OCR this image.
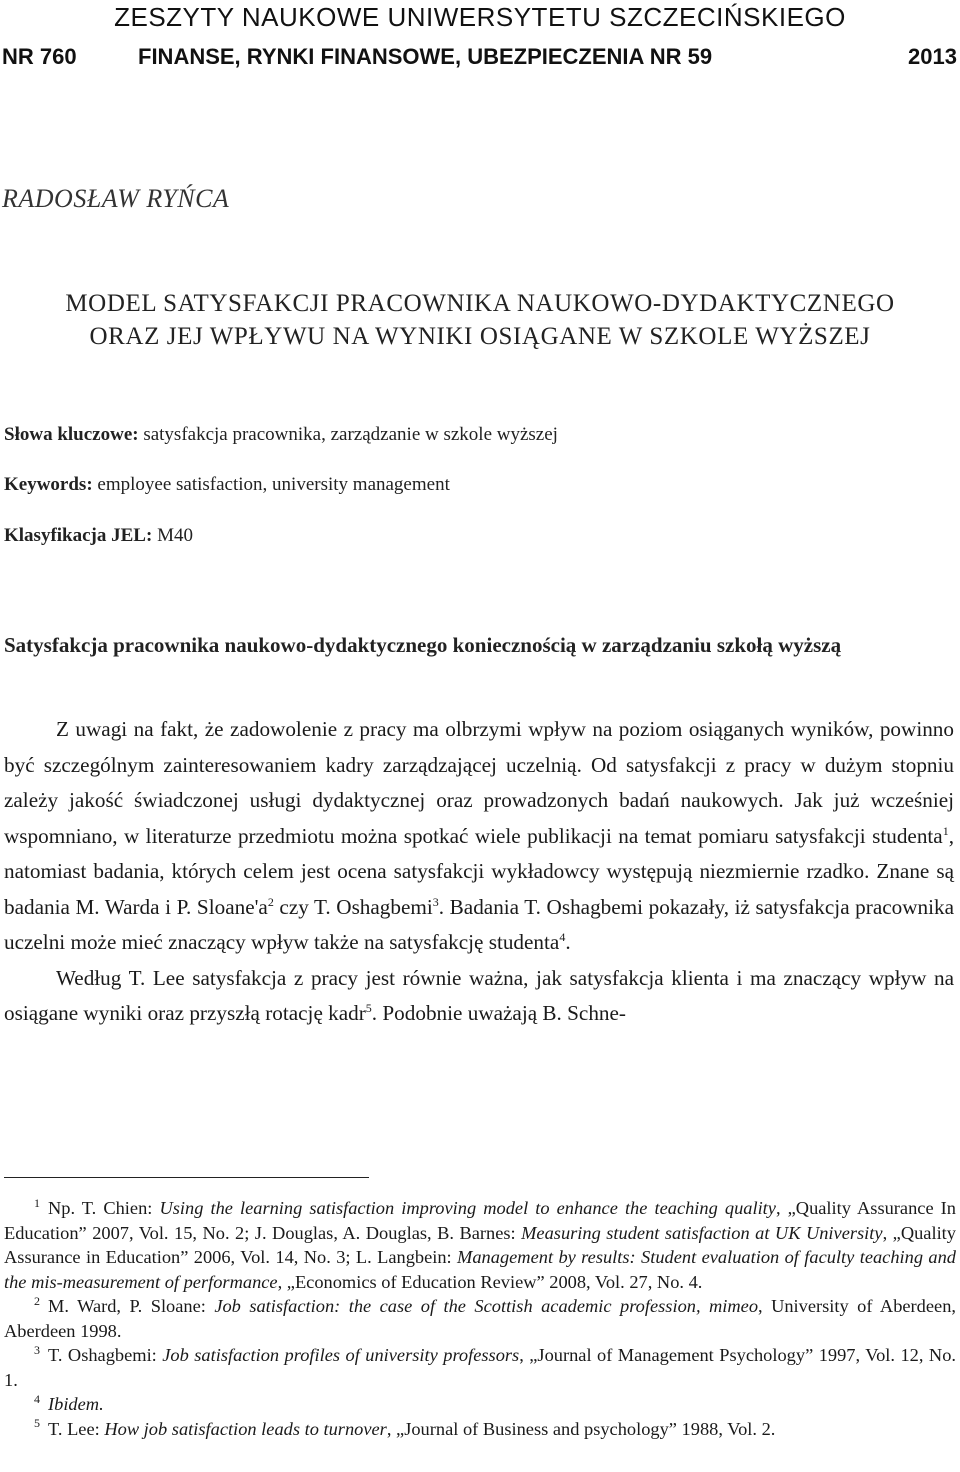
ZESZYTY NAUKOWE UNIWERSYTETU SZCZECIŃSKIEGO
NR 760	FINANSE, RYNKI FINANSOWE, UBEZPIECZENIA NR 59	2013
RADOSŁAW RYŃCA
MODEL SATYSFAKCJI PRACOWNIKA NAUKOWO-DYDAKTYCZNEGO
ORAZ JEJ WPŁYWU NA WYNIKI OSIĄGANE W SZKOLE WYŻSZEJ
Słowa kluczowe: satysfakcja pracownika, zarządzanie w szkole wyższej
Keywords: employee satisfaction, university management
Klasyfikacja JEL: M40
Satysfakcja pracownika naukowo-dydaktycznego koniecznością w zarządzaniu szkołą wyższą

Z uwagi na fakt, że zadowolenie z pracy ma olbrzymi wpływ na poziom osiąganych wyników, powinno być szczególnym zainteresowaniem kadry zarządzającej uczelnią. Od satysfakcji z pracy w dużym stopniu zależy jakość świadczonej usługi dydaktycznej oraz prowadzonych badań naukowych. Jak już wcześniej wspomniano, w literaturze przedmiotu można spotkać wiele publikacji na temat pomiaru satysfakcji studenta$^1$, natomiast badania, których celem jest ocena satysfakcji wykładowcy występują niezmiernie rzadko. Znane są badania M. Warda i P. $Sloane'a^2$ czy T. Oshagbemi$^3$. Badania T. Oshagbemi pokazały, iż satysfakcja pracownika uczelni może mieć znaczący wpływ także na satysfakcję studenta$^4$.

Według T. Lee satysfakcja z pracy jest równie ważna, jak satysfakcja klienta i ma znaczący wpływ na osiągane wyniki oraz przyszłą rotację kadr$^5$. Podobnie uważają B. Schne-

$^1$ Np. T. Chien: Using the learning satisfaction improving model to enhance the teaching quality, „Quality Assurance In Education” 2007, Vol. 15, No. 2; J. Douglas, A. Douglas, B. Barnes: Measuring student satisfaction at UK University, „Quality Assurance in Education” 2006, Vol. 14, No. 3; L. Langbein: Management by results: Student evaluation of faculty teaching and the mis-measurement of performance, „Economics of Education Review” 2008, Vol. 27, No. 4.

$^2$ M. Ward, P. Sloane: Job satisfaction: the case of the Scottish academic profession, mimeo, University of Aberdeen, Aberdeen 1998.

$^3$ T. Oshagbemi: Job satisfaction profiles of university professors, „Journal of Management Psychology” 1997, Vol. 12, No. 1.

$^4$ Ibidem.

$^5$ T. Lee: How job satisfaction leads to turnover, „Journal of Business and psychology” 1988, Vol. 2.
